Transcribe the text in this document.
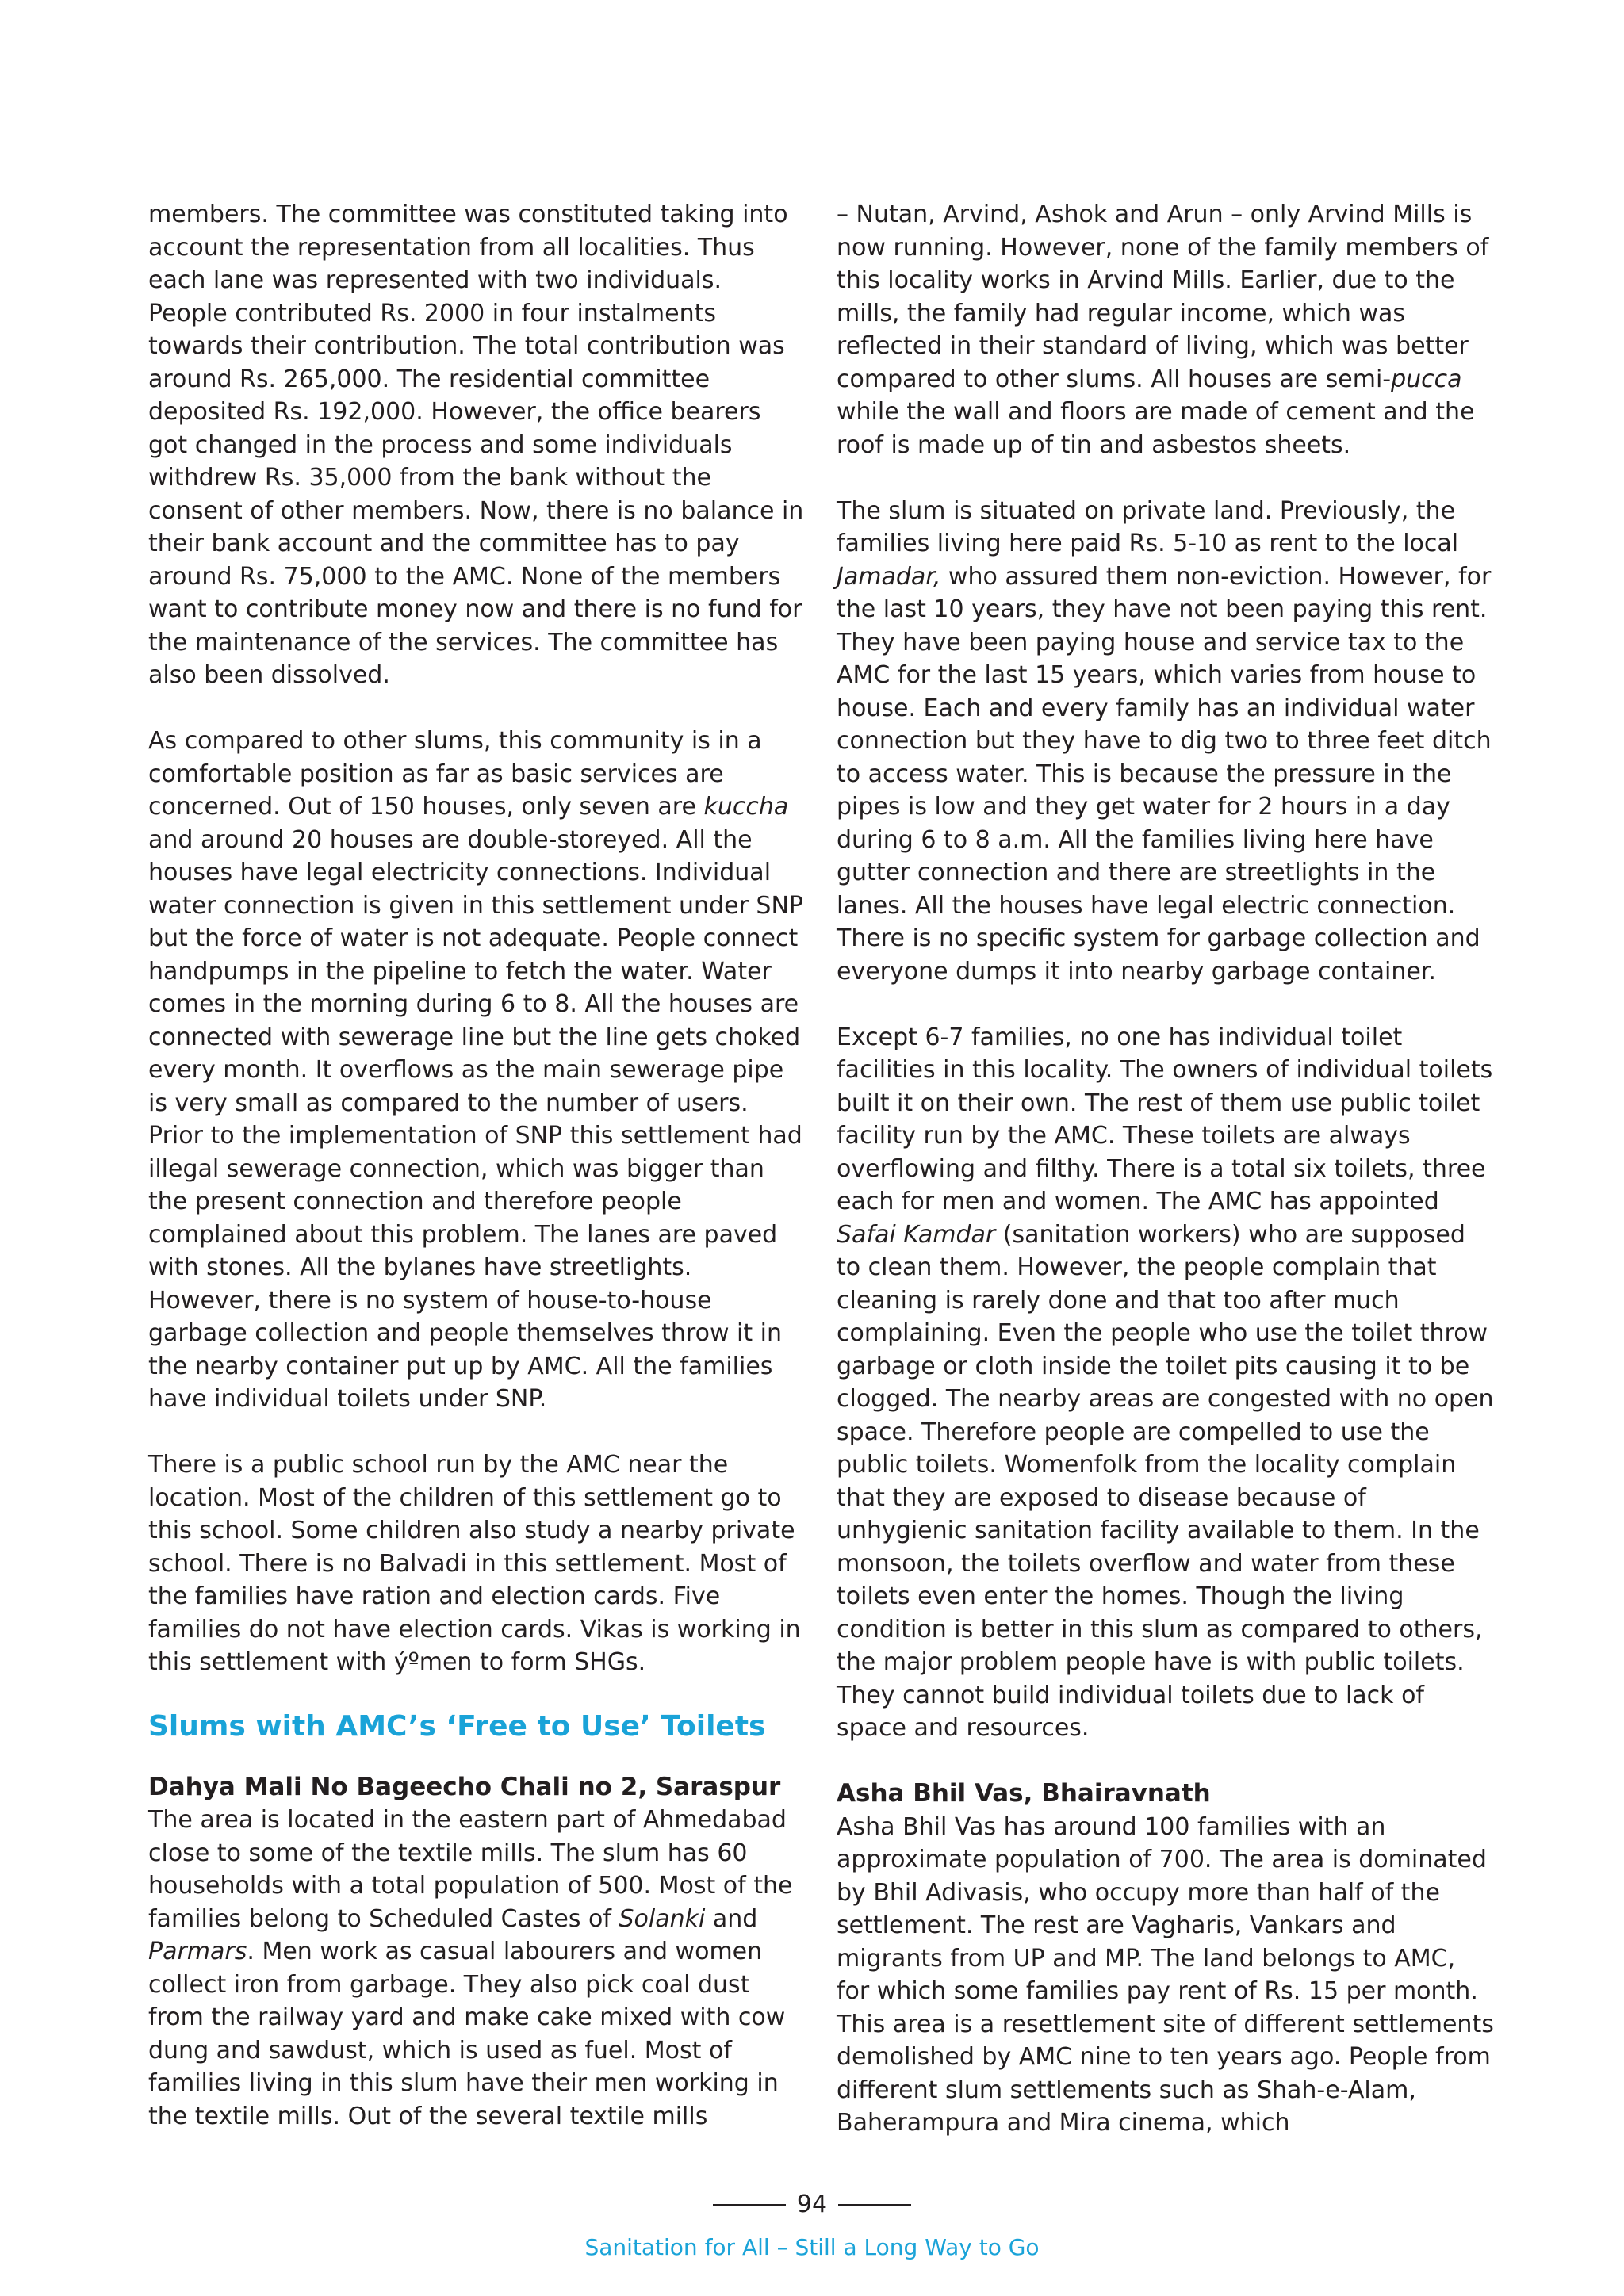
members. The committee was constituted taking into account the representation from all localities. Thus each lane was represented with two individuals. People contributed Rs. 2000 in four instalments towards their contribution. The total contribution was around Rs. 265,000. The residential committee deposited Rs. 192,000. However, the office bearers got changed in the process and some individuals withdrew Rs. 35,000 from the bank without the consent of other members. Now, there is no balance in their bank account and the committee has to pay around Rs. 75,000 to the AMC. None of the members want to contribute money now and there is no fund for the maintenance of the services. The committee has also been dissolved.

As compared to other slums, this community is in a comfortable position as far as basic services are concerned. Out of 150 houses, only seven are kuccha and around 20 houses are double-storeyed. All the houses have legal electricity connections. Individual water connection is given in this settlement under SNP but the force of water is not adequate. People connect handpumps in the pipeline to fetch the water. Water comes in the morning during 6 to 8. All the houses are connected with sewerage line but the line gets choked every month. It overflows as the main sewerage pipe is very small as compared to the number of users. Prior to the implementation of SNP this settlement had illegal sewerage connection, which was bigger than the present connection and therefore people complained about this problem. The lanes are paved with stones. All the bylanes have streetlights. However, there is no system of house-to-house garbage collection and people themselves throw it in the nearby container put up by AMC. All the families have individual toilets under SNP.

There is a public school run by the AMC near the location. Most of the children of this settlement go to this school. Some children also study a nearby private school. There is no Balvadi in this settlement. Most of the families have ration and election cards. Five families do not have election cards. Vikas is working in this settlement with ýºmen to form SHGs.

Slums with AMC’s ‘Free to Use’ Toilets
Dahya Mali No Bageecho Chali no 2, Saraspur

The area is located in the eastern part of Ahmedabad close to some of the textile mills. The slum has 60 households with a total population of 500. Most of the families belong to Scheduled Castes of Solanki and Parmars. Men work as casual labourers and women collect iron from garbage. They also pick coal dust from the railway yard and make cake mixed with cow dung and sawdust, which is used as fuel. Most of families living in this slum have their men working in the textile mills. Out of the several textile mills

– Nutan, Arvind, Ashok and Arun – only Arvind Mills is now running. However, none of the family members of this locality works in Arvind Mills. Earlier, due to the mills, the family had regular income, which was reflected in their standard of living, which was better compared to other slums. All houses are semi-pucca while the wall and floors are made of cement and the roof is made up of tin and asbestos sheets.

The slum is situated on private land. Previously, the families living here paid Rs. 5-10 as rent to the local Jamadar, who assured them non-eviction. However, for the last 10 years, they have not been paying this rent. They have been paying house and service tax to the AMC for the last 15 years, which varies from house to house. Each and every family has an individual water connection but they have to dig two to three feet ditch to access water. This is because the pressure in the pipes is low and they get water for 2 hours in a day during 6 to 8 a.m. All the families living here have gutter connection and there are streetlights in the lanes. All the houses have legal electric connection. There is no specific system for garbage collection and everyone dumps it into nearby garbage container.

Except 6-7 families, no one has individual toilet facilities in this locality. The owners of individual toilets built it on their own. The rest of them use public toilet facility run by the AMC. These toilets are always overflowing and filthy. There is a total six toilets, three each for men and women. The AMC has appointed Safai Kamdar (sanitation workers) who are supposed to clean them. However, the people complain that cleaning is rarely done and that too after much complaining. Even the people who use the toilet throw garbage or cloth inside the toilet pits causing it to be clogged. The nearby areas are congested with no open space. Therefore people are compelled to use the public toilets. Womenfolk from the locality complain that they are exposed to disease because of unhygienic sanitation facility available to them. In the monsoon, the toilets overflow and water from these toilets even enter the homes. Though the living condition is better in this slum as compared to others, the major problem people have is with public toilets. They cannot build individual toilets due to lack of space and resources.

Asha Bhil Vas, Bhairavnath

Asha Bhil Vas has around 100 families with an approximate population of 700. The area is dominated by Bhil Adivasis, who occupy more than half of the settlement. The rest are Vagharis, Vankars and migrants from UP and MP. The land belongs to AMC, for which some families pay rent of Rs. 15 per month. This area is a resettlement site of different settlements demolished by AMC nine to ten years ago. People from different slum settlements such as Shah-e-Alam, Baherampura and Mira cinema, which

94
Sanitation for All – Still a Long Way to Go
